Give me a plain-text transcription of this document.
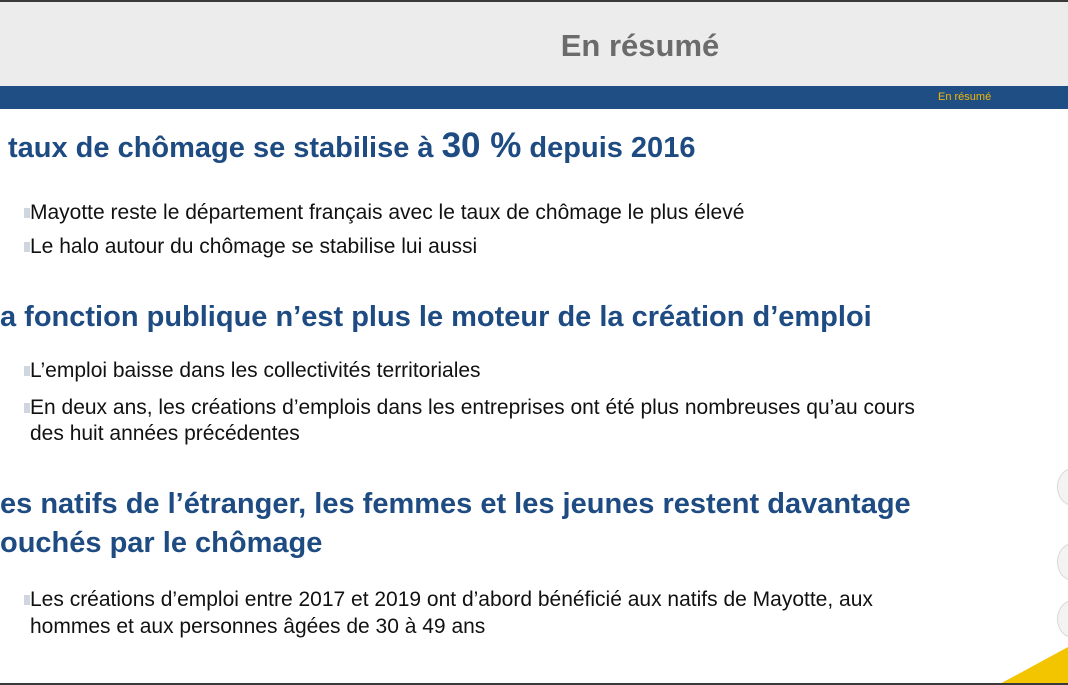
En résumé
En résumé
taux de chômage se stabilise à 30 % depuis 2016
Mayotte reste le département français avec le taux de chômage le plus élevé
Le halo autour du chômage se stabilise lui aussi
a fonction publique n’est plus le moteur de la création d’emploi
L’emploi baisse dans les collectivités territoriales
En deux ans, les créations d’emplois dans les entreprises ont été plus nombreuses qu’au cours
des huit années précédentes
es natifs de l’étranger, les femmes et les jeunes restent davantage
ouchés par le chômage
Les créations d’emploi entre 2017 et 2019 ont d’abord bénéficié aux natifs de Mayotte, aux
hommes et aux personnes âgées de 30 à 49 ans
